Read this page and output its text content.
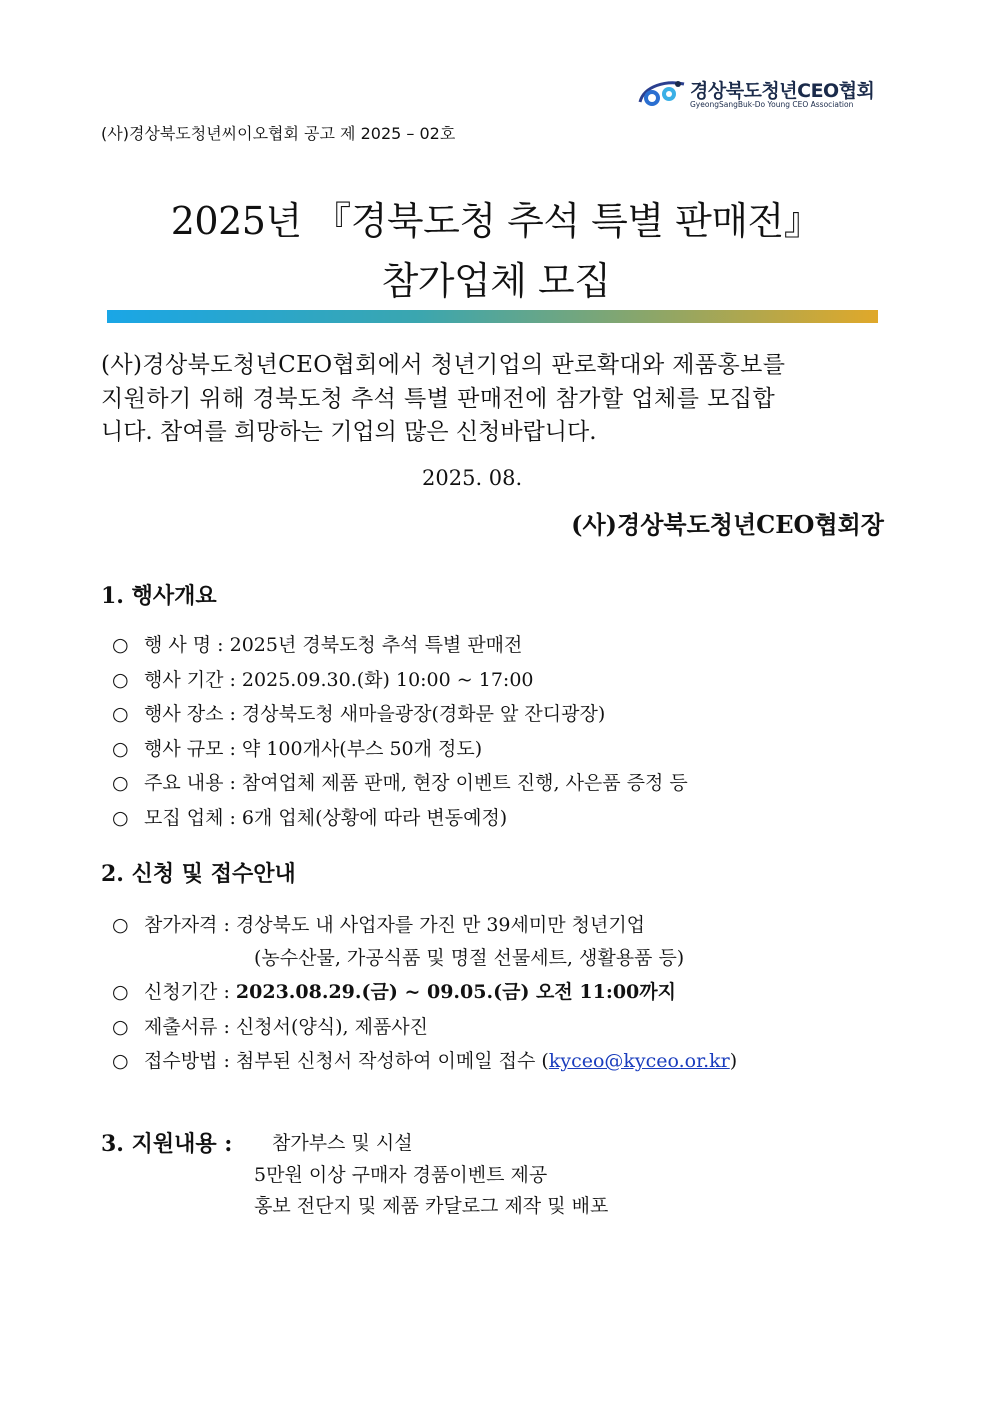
경상북도청년CEO협회
GyeongSangBuk-Do Young CEO Association
(사)경상북도청년씨이오협회 공고 제 2025 – 02호
2025년 『경북도청 추석 특별 판매전』
참가업체 모집
(사)경상북도청년CEO협회에서 청년기업의 판로확대와 제품홍보를
지원하기 위해 경북도청 추석 특별 판매전에 참가할 업체를 모집합
니다. 참여를 희망하는 기업의 많은 신청바랍니다.
2025. 08.
(사)경상북도청년CEO협회장
1. 행사개요
○ 행 사 명 : 2025년 경북도청 추석 특별 판매전
○ 행사 기간 : 2025.09.30.(화) 10:00 ~ 17:00
○ 행사 장소 : 경상북도청 새마을광장(경화문 앞 잔디광장)
○ 행사 규모 : 약 100개사(부스 50개 정도)
○ 주요 내용 : 참여업체 제품 판매, 현장 이벤트 진행, 사은품 증정 등
○ 모집 업체 : 6개 업체(상황에 따라 변동예정)
2. 신청 및 접수안내
○ 참가자격 : 경상북도 내 사업자를 가진 만 39세미만 청년기업
(농수산물, 가공식품 및 명절 선물세트, 생활용품 등)
○ 신청기간 : 2023.08.29.(금) ~ 09.05.(금) 오전 11:00까지
○ 제출서류 : 신청서(양식), 제품사진
○ 접수방법 : 첨부된 신청서 작성하여 이메일 접수 (kyceo@kyceo.or.kr)
3. 지원내용 : 참가부스 및 시설
5만원 이상 구매자 경품이벤트 제공
홍보 전단지 및 제품 카달로그 제작 및 배포
